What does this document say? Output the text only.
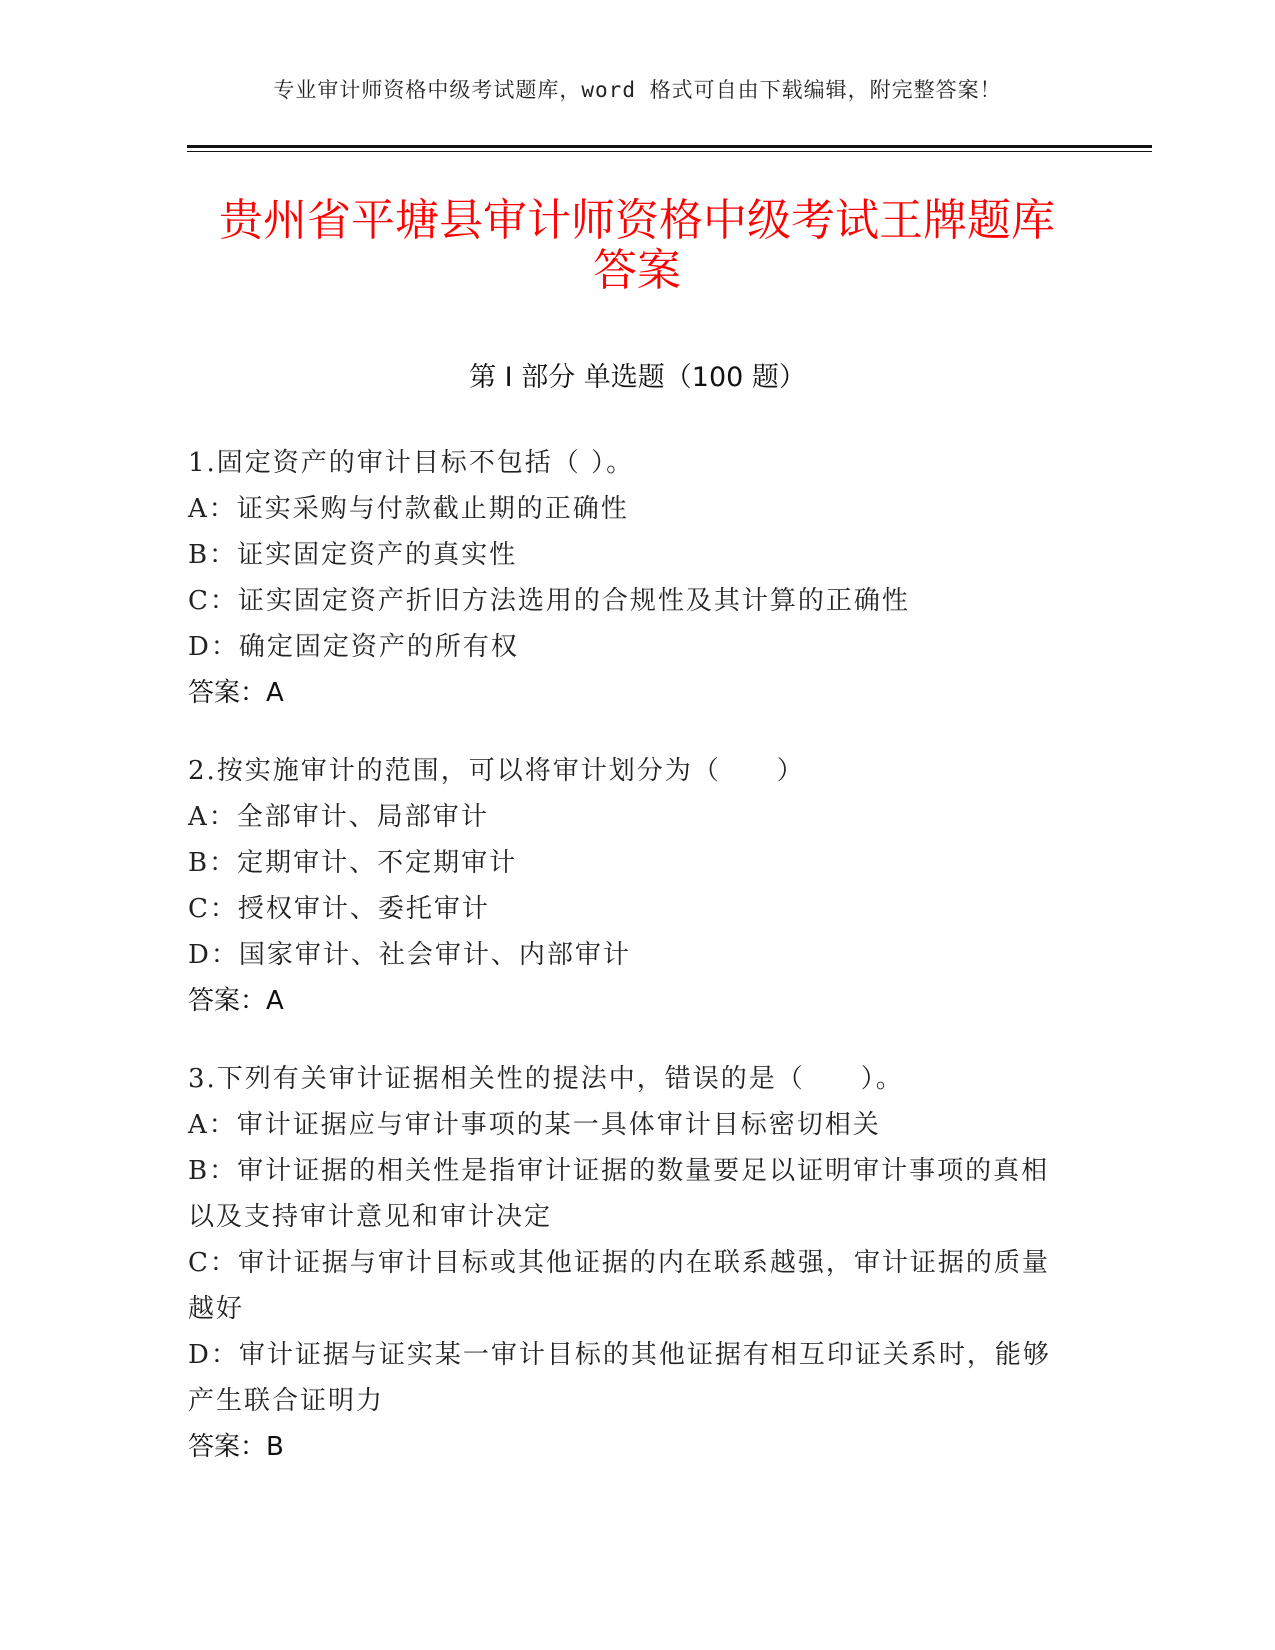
专业审计师资格中级考试题库，word 格式可自由下载编辑，附完整答案！
贵州省平塘县审计师资格中级考试王牌题库
答案
第 I 部分 单选题（100 题）
1.固定资产的审计目标不包括（ ）。
A：证实采购与付款截止期的正确性
B：证实固定资产的真实性
C：证实固定资产折旧方法选用的合规性及其计算的正确性
D：确定固定资产的所有权
答案：A
2.按实施审计的范围，可以将审计划分为（　　）
A：全部审计、局部审计
B：定期审计、不定期审计
C：授权审计、委托审计
D：国家审计、社会审计、内部审计
答案：A
3.下列有关审计证据相关性的提法中，错误的是（　　）。
A：审计证据应与审计事项的某一具体审计目标密切相关
B：审计证据的相关性是指审计证据的数量要足以证明审计事项的真相以及支持审计意见和审计决定
C：审计证据与审计目标或其他证据的内在联系越强，审计证据的质量越好
D：审计证据与证实某一审计目标的其他证据有相互印证关系时，能够产生联合证明力
答案：B
